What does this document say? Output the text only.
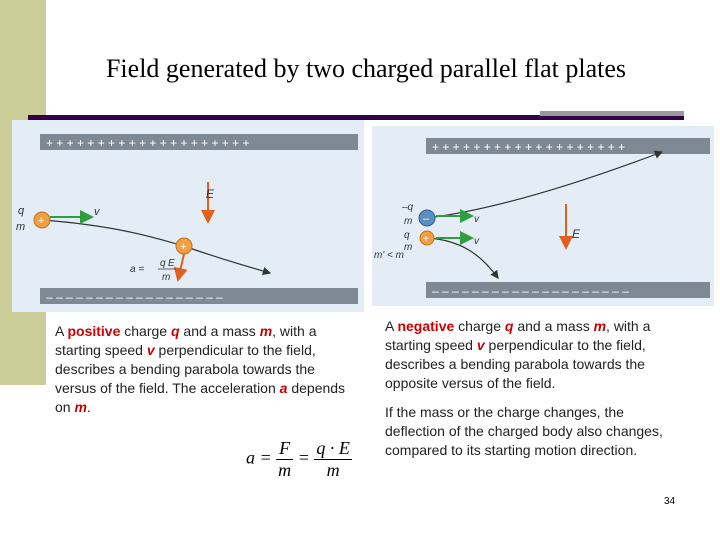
Field generated by two charged parallel flat plates
+ + + + + + + + + + + + + + + + + + + +
– – – – – – – – – – – – – – – – – –
q
m
v
+
E
+
a =
q E
m
+ + + + + + + + + + + + + + + + + + +
– – – – – – – – – – – – – – – – – – – –
–q
m
q
m
m' < m
–
+
v
v
E
A positive charge q and a mass m, with a starting speed v perpendicular to the field, describes a bending parabola towards the versus of the field. The acceleration a depends on m.
A negative charge q and a mass m, with a starting speed v perpendicular to the field, describes a bending parabola towards the opposite versus of the field.
If the mass or the charge changes, the deflection of the charged body also changes, compared to its starting motion direction.
$a = \frac{F}{m} = \frac{q \cdot E}{m}$
34
